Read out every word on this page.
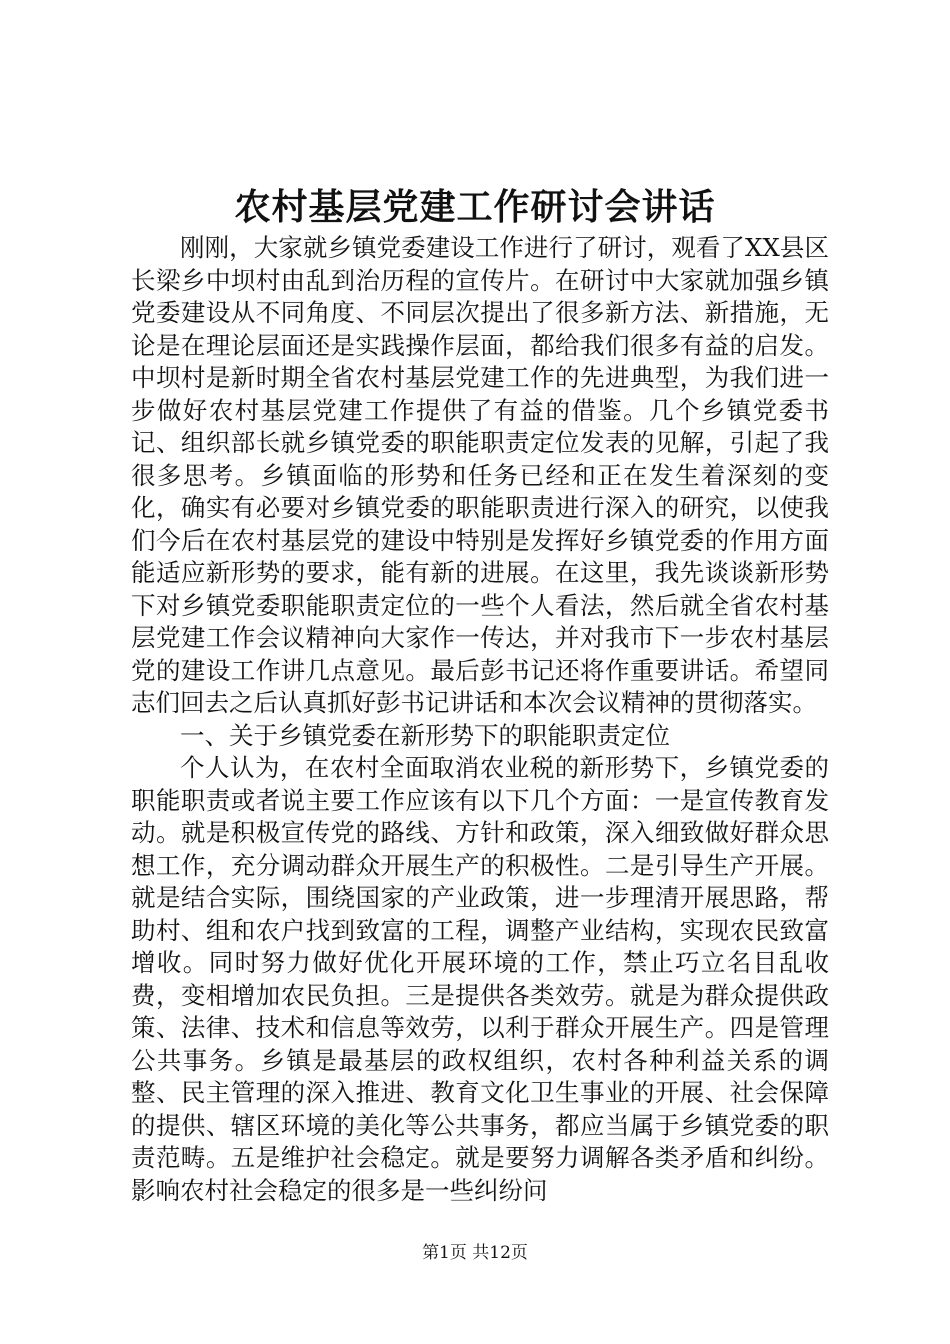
农村基层党建工作研讨会讲话

刚刚，大家就乡镇党委建设工作进行了研讨，观看了XX县区长梁乡中坝村由乱到治历程的宣传片。在研讨中大家就加强乡镇党委建设从不同角度、不同层次提出了很多新方法、新措施，无论是在理论层面还是实践操作层面，都给我们很多有益的启发。中坝村是新时期全省农村基层党建工作的先进典型，为我们进一步做好农村基层党建工作提供了有益的借鉴。几个乡镇党委书记、组织部长就乡镇党委的职能职责定位发表的见解，引起了我很多思考。乡镇面临的形势和任务已经和正在发生着深刻的变化，确实有必要对乡镇党委的职能职责进行深入的研究，以使我们今后在农村基层党的建设中特别是发挥好乡镇党委的作用方面能适应新形势的要求，能有新的进展。在这里，我先谈谈新形势下对乡镇党委职能职责定位的一些个人看法，然后就全省农村基层党建工作会议精神向大家作一传达，并对我市下一步农村基层党的建设工作讲几点意见。最后彭书记还将作重要讲话。希望同志们回去之后认真抓好彭书记讲话和本次会议精神的贯彻落实。

一、关于乡镇党委在新形势下的职能职责定位

个人认为，在农村全面取消农业税的新形势下，乡镇党委的职能职责或者说主要工作应该有以下几个方面：一是宣传教育发动。就是积极宣传党的路线、方针和政策，深入细致做好群众思想工作，充分调动群众开展生产的积极性。二是引导生产开展。就是结合实际，围绕国家的产业政策，进一步理清开展思路，帮助村、组和农户找到致富的工程，调整产业结构，实现农民致富增收。同时努力做好优化开展环境的工作，禁止巧立名目乱收费，变相增加农民负担。三是提供各类效劳。就是为群众提供政策、法律、技术和信息等效劳，以利于群众开展生产。四是管理公共事务。乡镇是最基层的政权组织，农村各种利益关系的调整、民主管理的深入推进、教育文化卫生事业的开展、社会保障的提供、辖区环境的美化等公共事务，都应当属于乡镇党委的职责范畴。五是维护社会稳定。就是要努力调解各类矛盾和纠纷。影响农村社会稳定的很多是一些纠纷问

第1页 共12页
